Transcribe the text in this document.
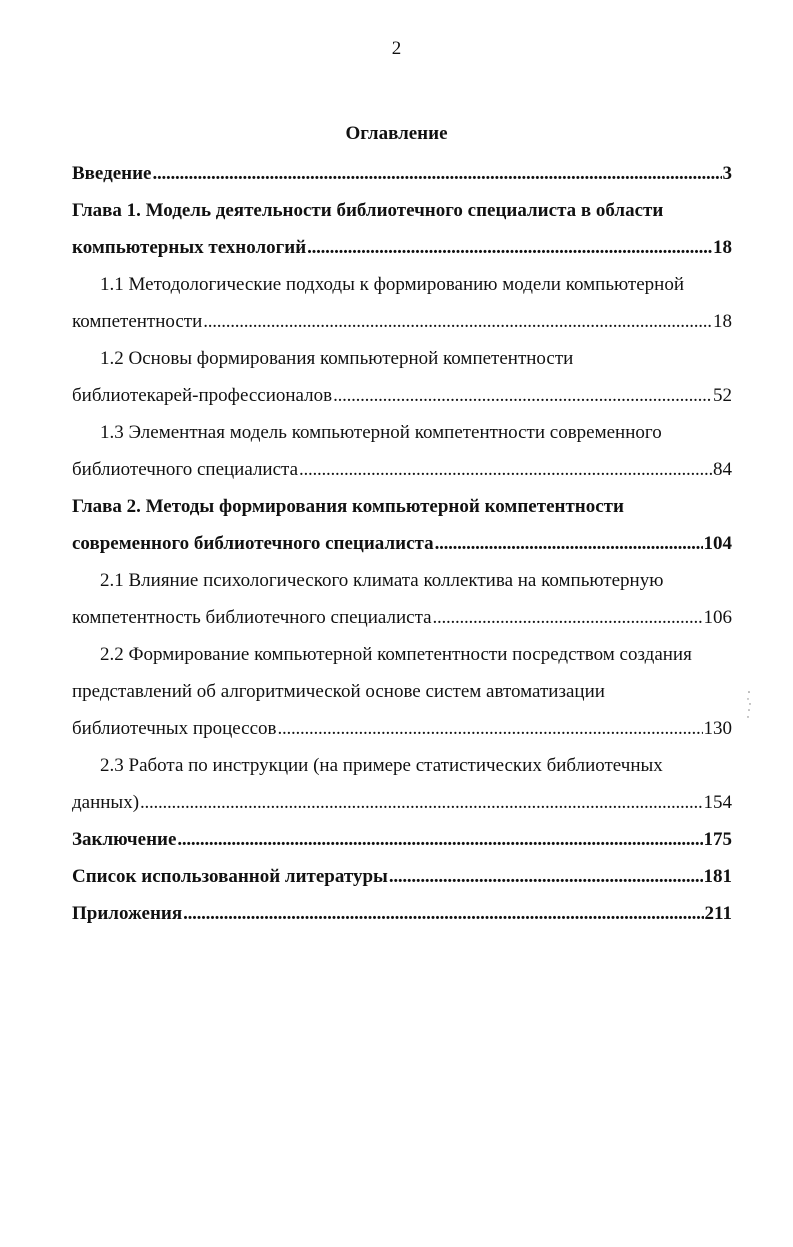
2
Оглавление
Введение . . .	3
Глава 1. Модель деятельности библиотечного специалиста в области
компьютерных технологий . . .	18
1.1 Методологические подходы к формированию модели компьютерной
компетентности . . .	18
1.2 Основы формирования компьютерной компетентности
библиотекарей-профессионалов . . .	52
1.3 Элементная модель компьютерной компетентности современного
библиотечного специалиста . . .	84
Глава 2. Методы формирования компьютерной компетентности
современного библиотечного специалиста . . .	104
2.1 Влияние психологического климата коллектива на компьютерную
компетентность библиотечного специалиста . . .	106
2.2 Формирование компьютерной компетентности посредством создания
представлений об алгоритмической основе систем автоматизации
библиотечных процессов . . .	130
2.3 Работа по инструкции (на примере статистических библиотечных
данных) . . .	154
Заключение . . .	175
Список использованной литературы . . .	181
Приложения . . .	211
